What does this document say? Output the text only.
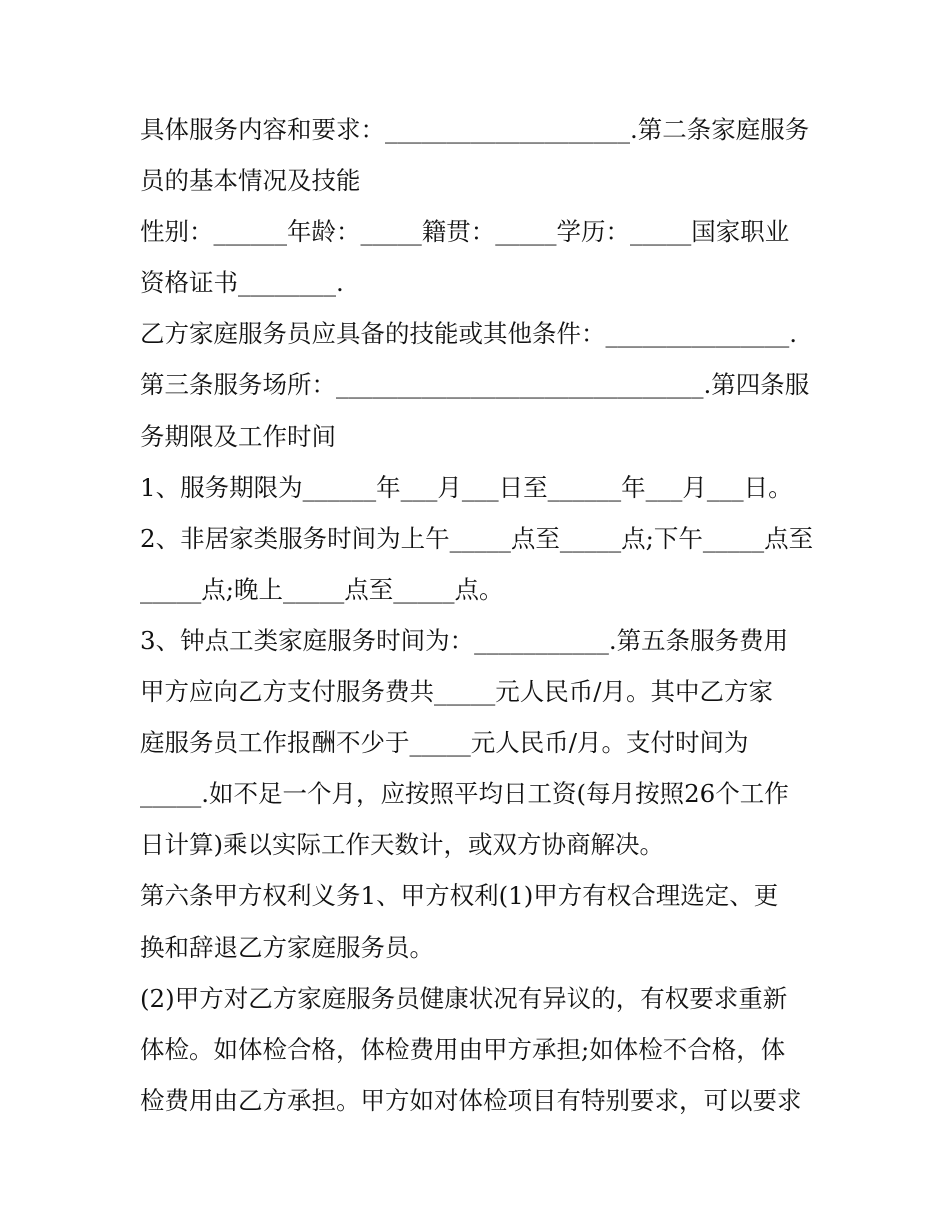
具体服务内容和要求：____________________.第二条家庭服务
员的基本情况及技能
性别：______年龄：_____籍贯：_____学历：_____国家职业
资格证书________.
乙方家庭服务员应具备的技能或其他条件：_______________.
第三条服务场所：______________________________.第四条服
务期限及工作时间
1、服务期限为______年___月___日至______年___月___日。
2、非居家类服务时间为上午_____点至_____点;下午_____点至
_____点;晚上_____点至_____点。
3、钟点工类家庭服务时间为：___________.第五条服务费用
甲方应向乙方支付服务费共_____元人民币/月。其中乙方家
庭服务员工作报酬不少于_____元人民币/月。支付时间为
_____.如不足一个月，应按照平均日工资(每月按照26个工作
日计算)乘以实际工作天数计，或双方协商解决。
第六条甲方权利义务1、甲方权利(1)甲方有权合理选定、更
换和辞退乙方家庭服务员。
(2)甲方对乙方家庭服务员健康状况有异议的，有权要求重新
体检。如体检合格，体检费用由甲方承担;如体检不合格，体
检费用由乙方承担。甲方如对体检项目有特别要求，可以要求
